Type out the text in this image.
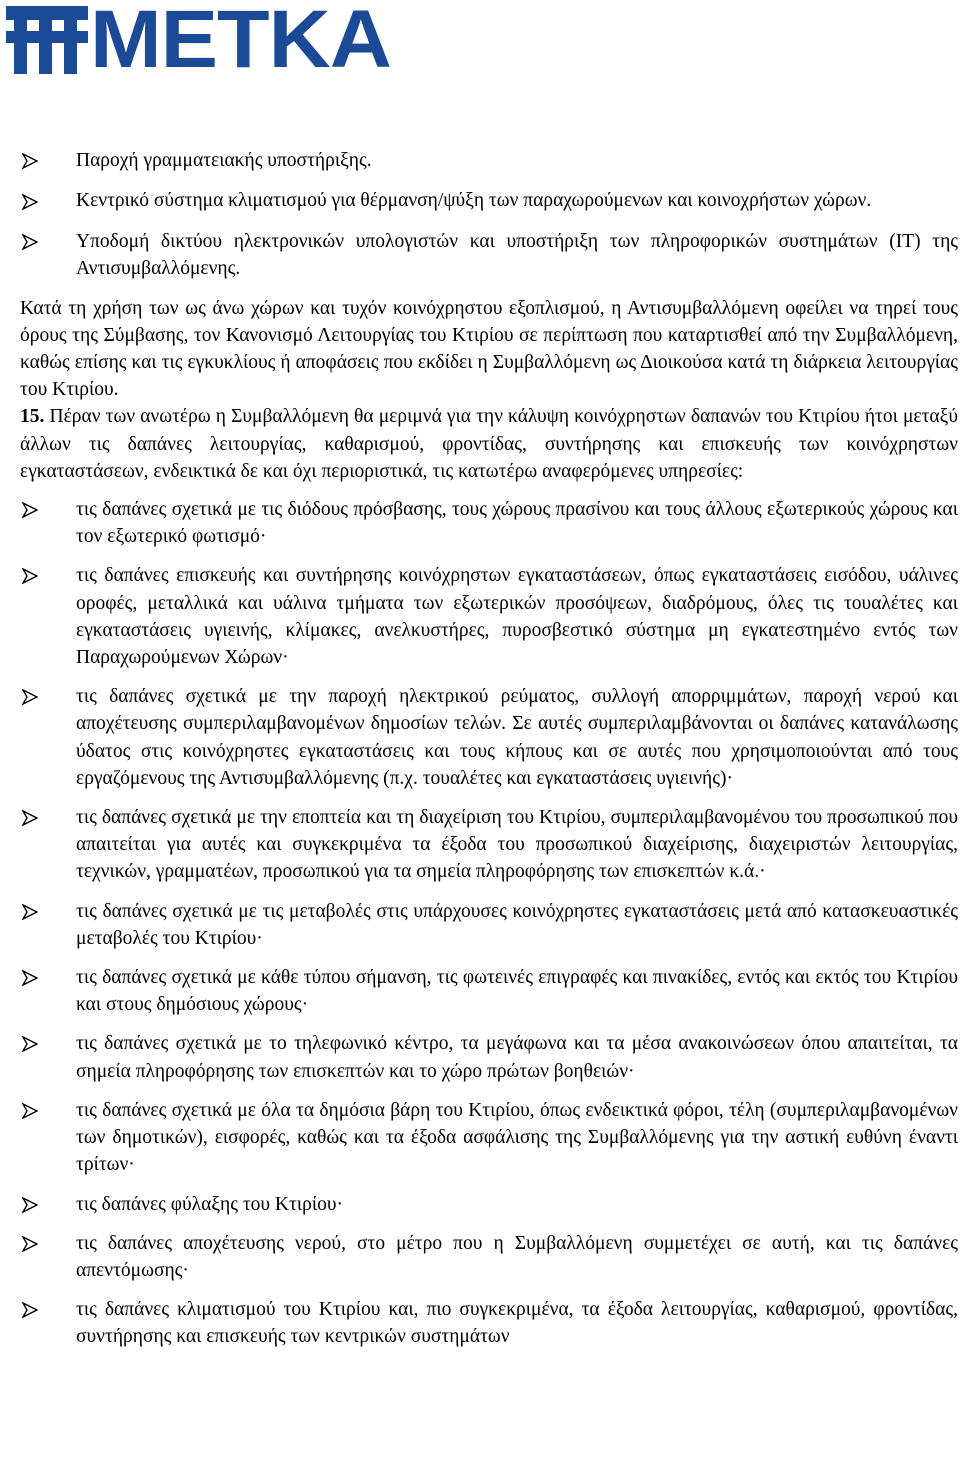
METKA
Παροχή γραμματειακής υποστήριξης.
Κεντρικό σύστημα κλιματισμού για θέρμανση/ψύξη των παραχωρούμενων και κοινοχρήστων χώρων.
Υποδομή δικτύου ηλεκτρονικών υπολογιστών και υποστήριξη των πληροφορικών συστημάτων (IT) της Αντισυμβαλλόμενης.

Κατά τη χρήση των ως άνω χώρων και τυχόν κοινόχρηστου εξοπλισμού, η Αντισυμβαλλόμενη οφείλει να τηρεί τους όρους της Σύμβασης, τον Κανονισμό Λειτουργίας του Κτιρίου σε περίπτωση που καταρτισθεί από την Συμβαλλόμενη, καθώς επίσης και τις εγκυκλίους ή αποφάσεις που εκδίδει η Συμβαλλόμενη ως Διοικούσα κατά τη διάρκεια λειτουργίας του Κτιρίου.

15. Πέραν των ανωτέρω η Συμβαλλόμενη θα μεριμνά για την κάλυψη κοινόχρηστων δαπανών του Κτιρίου ήτοι μεταξύ άλλων τις δαπάνες λειτουργίας, καθαρισμού, φροντίδας, συντήρησης και επισκευής των κοινόχρηστων εγκαταστάσεων, ενδεικτικά δε και όχι περιοριστικά, τις κατωτέρω αναφερόμενες υπηρεσίες:

τις δαπάνες σχετικά με τις διόδους πρόσβασης, τους χώρους πρασίνου και τους άλλους εξωτερικούς χώρους και τον εξωτερικό φωτισμό·
τις δαπάνες επισκευής και συντήρησης κοινόχρηστων εγκαταστάσεων, όπως εγκαταστάσεις εισόδου, υάλινες οροφές, μεταλλικά και υάλινα τμήματα των εξωτερικών προσόψεων, διαδρόμους, όλες τις τουαλέτες και εγκαταστάσεις υγιεινής, κλίμακες, ανελκυστήρες, πυροσβεστικό σύστημα μη εγκατεστημένο εντός των Παραχωρούμενων Χώρων·
τις δαπάνες σχετικά με την παροχή ηλεκτρικού ρεύματος, συλλογή απορριμμάτων, παροχή νερού και αποχέτευσης συμπεριλαμβανομένων δημοσίων τελών. Σε αυτές συμπεριλαμβάνονται οι δαπάνες κατανάλωσης ύδατος στις κοινόχρηστες εγκαταστάσεις και τους κήπους και σε αυτές που χρησιμοποιούνται από τους εργαζόμενους της Αντισυμβαλλόμενης (π.χ. τουαλέτες και εγκαταστάσεις υγιεινής)·
τις δαπάνες σχετικά με την εποπτεία και τη διαχείριση του Κτιρίου, συμπεριλαμβανομένου του προσωπικού που απαιτείται για αυτές και συγκεκριμένα τα έξοδα του προσωπικού διαχείρισης, διαχειριστών λειτουργίας, τεχνικών, γραμματέων, προσωπικού για τα σημεία πληροφόρησης των επισκεπτών κ.ά.·
τις δαπάνες σχετικά με τις μεταβολές στις υπάρχουσες κοινόχρηστες εγκαταστάσεις μετά από κατασκευαστικές μεταβολές του Κτιρίου·
τις δαπάνες σχετικά με κάθε τύπου σήμανση, τις φωτεινές επιγραφές και πινακίδες, εντός και εκτός του Κτιρίου και στους δημόσιους χώρους·
τις δαπάνες σχετικά με το τηλεφωνικό κέντρο, τα μεγάφωνα και τα μέσα ανακοινώσεων όπου απαιτείται, τα σημεία πληροφόρησης των επισκεπτών και το χώρο πρώτων βοηθειών·
τις δαπάνες σχετικά με όλα τα δημόσια βάρη του Κτιρίου, όπως ενδεικτικά φόροι, τέλη (συμπεριλαμβανομένων των δημοτικών), εισφορές, καθώς και τα έξοδα ασφάλισης της Συμβαλλόμενης για την αστική ευθύνη έναντι τρίτων·
τις δαπάνες φύλαξης του Κτιρίου·
τις δαπάνες αποχέτευσης νερού, στο μέτρο που η Συμβαλλόμενη συμμετέχει σε αυτή, και τις δαπάνες απεντόμωσης·
τις δαπάνες κλιματισμού του Κτιρίου και, πιο συγκεκριμένα, τα έξοδα λειτουργίας, καθαρισμού, φροντίδας, συντήρησης και επισκευής των κεντρικών συστημάτων
